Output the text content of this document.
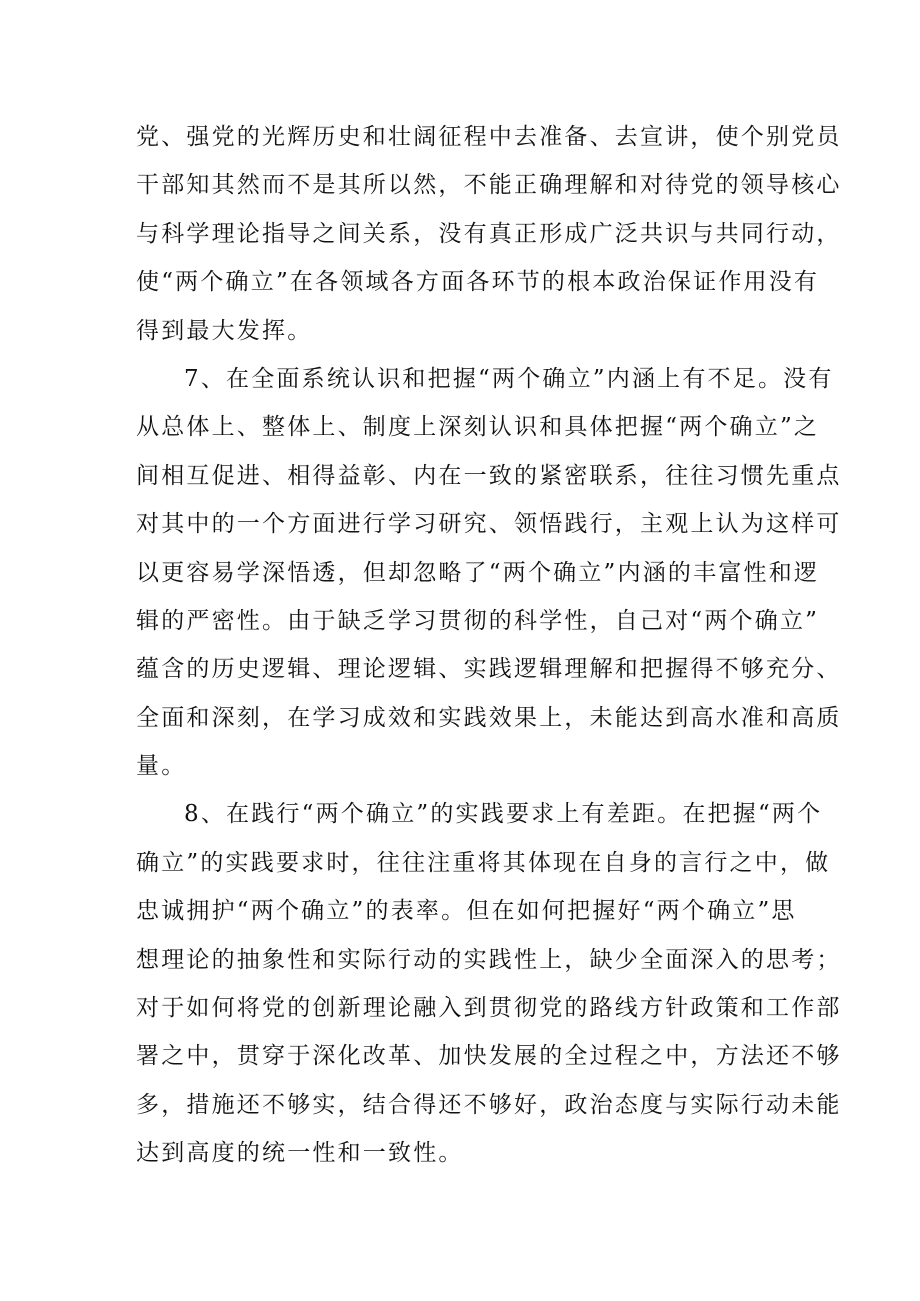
党、强党的光辉历史和壮阔征程中去准备、去宣讲，使个别党员
干部知其然而不是其所以然，不能正确理解和对待党的领导核心
与科学理论指导之间关系，没有真正形成广泛共识与共同行动，
使“两个确立”在各领域各方面各环节的根本政治保证作用没有
得到最大发挥。
7、在全面系统认识和把握“两个确立”内涵上有不足。没有
从总体上、整体上、制度上深刻认识和具体把握“两个确立”之
间相互促进、相得益彰、内在一致的紧密联系，往往习惯先重点
对其中的一个方面进行学习研究、领悟践行，主观上认为这样可
以更容易学深悟透，但却忽略了“两个确立”内涵的丰富性和逻
辑的严密性。由于缺乏学习贯彻的科学性，自己对“两个确立”
蕴含的历史逻辑、理论逻辑、实践逻辑理解和把握得不够充分、
全面和深刻，在学习成效和实践效果上，未能达到高水准和高质
量。
8、在践行“两个确立”的实践要求上有差距。在把握“两个
确立”的实践要求时，往往注重将其体现在自身的言行之中，做
忠诚拥护“两个确立”的表率。但在如何把握好“两个确立”思
想理论的抽象性和实际行动的实践性上，缺少全面深入的思考；
对于如何将党的创新理论融入到贯彻党的路线方针政策和工作部
署之中，贯穿于深化改革、加快发展的全过程之中，方法还不够
多，措施还不够实，结合得还不够好，政治态度与实际行动未能
达到高度的统一性和一致性。
